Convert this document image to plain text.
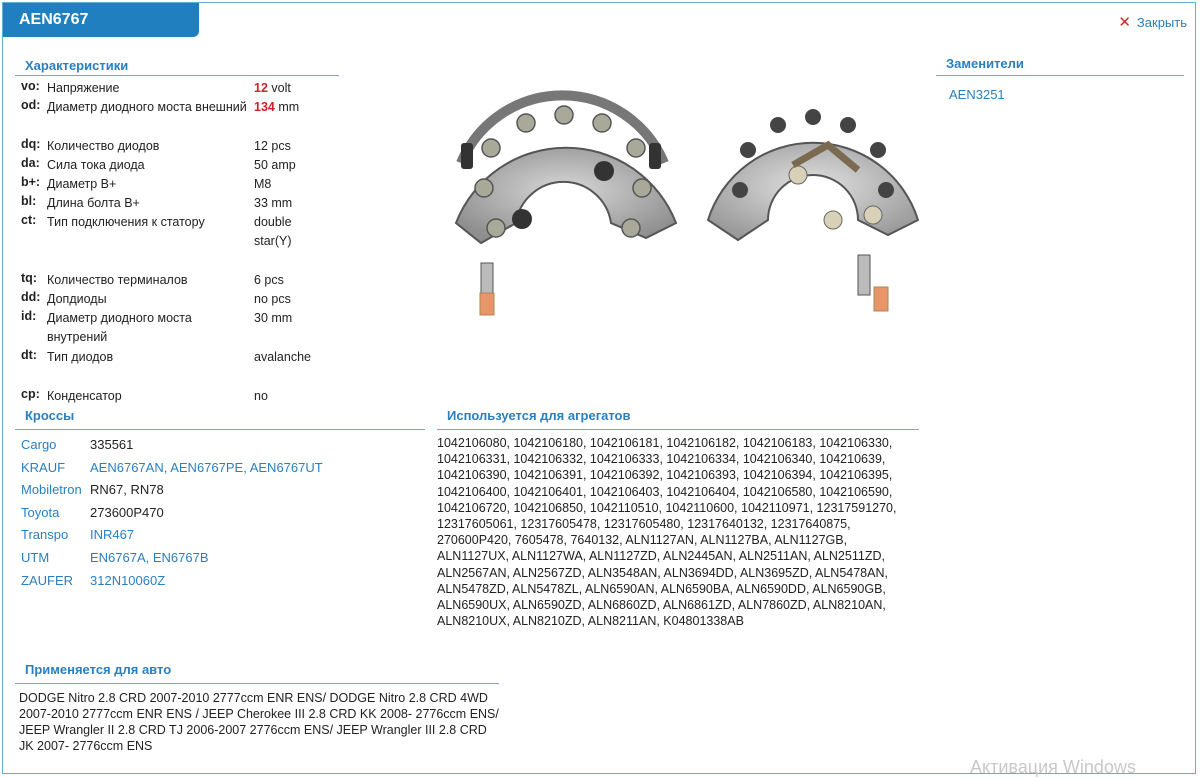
AEN6767	✕ Закрыть
Характеристики
vo: Напряжение	12 volt
od: Диаметр диодного моста внешний 134 mm
dq: Количество диодов	12 pcs
da: Сила тока диода	50 amp
b+: Диаметр B+	M8
bl: Длина болта B+	33 mm
ct: Тип подключения к статору	double star(Y)
tq: Количество терминалов	6 pcs
dd: Допдиоды	no pcs
id: Диаметр диодного моста внутрений
30 mm
dt: Тип диодов	avalanche
cp: Конденсатор	no
Кроссы
Cargo	335561
KRAUF AEN6767AN, AEN6767PE, AEN6767UT
Mobiletron RN67, RN78
Toyota 273600P470
Transpo INR467
UTM	EN6767A, EN6767B
ZAUFER 312N10060Z
Используется для агрегатов
1042106080, 1042106180, 1042106181, 1042106182, 1042106183, 1042106330, 1042106331, 1042106332, 1042106333, 1042106334, 1042106340, 104210639, 1042106390, 1042106391, 1042106392, 1042106393, 1042106394, 1042106395, 1042106400, 1042106401, 1042106403, 1042106404, 1042106580, 1042106590, 1042106720, 1042106850, 1042110510, 1042110600, 1042110971, 12317591270, 12317605061, 12317605478, 12317605480, 12317640132, 12317640875, 270600P420, 7605478, 7640132, ALN1127AN, ALN1127BA, ALN1127GB, ALN1127UX, ALN1127WA, ALN1127ZD, ALN2445AN, ALN2511AN, ALN2511ZD, ALN2567AN, ALN2567ZD, ALN3548AN, ALN3694DD, ALN3695ZD, ALN5478AN, ALN5478ZD, ALN5478ZL, ALN6590AN, ALN6590BA, ALN6590DD, ALN6590GB, ALN6590UX, ALN6590ZD, ALN6860ZD, ALN6861ZD, ALN7860ZD, ALN8210AN, ALN8210UX, ALN8210ZD, ALN8211AN, K04801338AB
Применяется для авто
DODGE Nitro 2.8 CRD 2007-2010 2777ccm ENR ENS/ DODGE Nitro 2.8 CRD 4WD 2007-2010 2777ccm ENR ENS / JEEP Cherokee III 2.8 CRD KK 2008- 2776ccm ENS/ JEEP Wrangler II 2.8 CRD TJ 2006-2007 2776ccm ENS/ JEEP Wrangler III 2.8 CRD JK 2007- 2776ccm ENS
Заменители
AEN3251
Активация Windows
